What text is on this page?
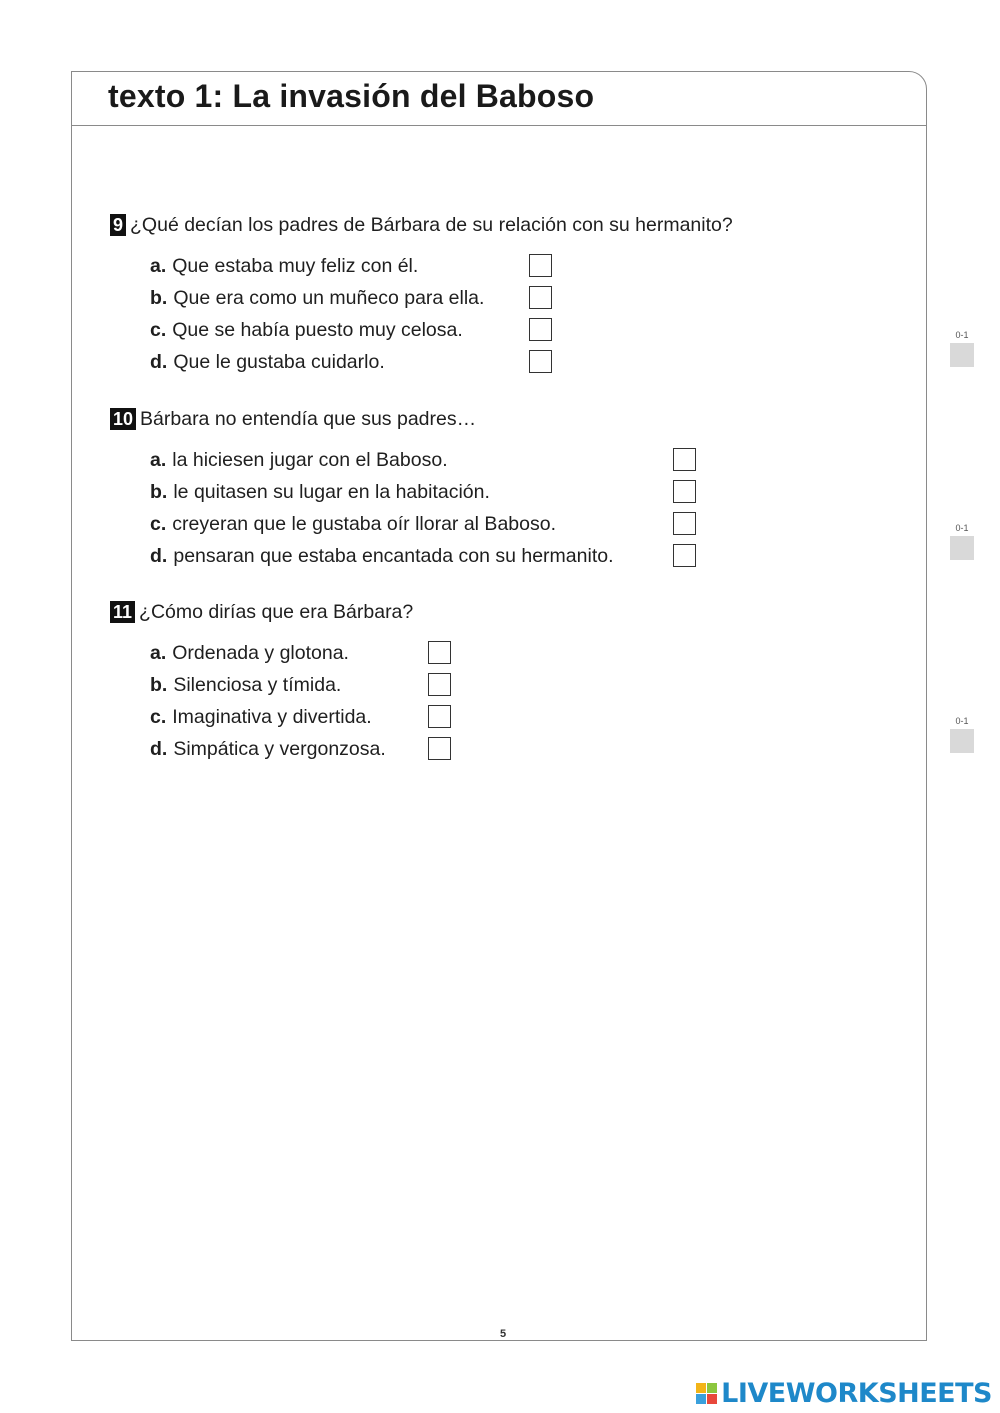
texto 1: La invasión del Baboso
9 ¿Qué decían los padres de Bárbara de su relación con su hermanito?
a. Que estaba muy feliz con él.
b. Que era como un muñeco para ella.
c. Que se había puesto muy celosa.
d. Que le gustaba cuidarlo.
10 Bárbara no entendía que sus padres…
a. la hiciesen jugar con el Baboso.
b. le quitasen su lugar en la habitación.
c. creyeran que le gustaba oír llorar al Baboso.
d. pensaran que estaba encantada con su hermanito.
11 ¿Cómo dirías que era Bárbara?
a. Ordenada y glotona.
b. Silenciosa y tímida.
c. Imaginativa y divertida.
d. Simpática y vergonzosa.
0-1
0-1
0-1
5
LIVEWORKSHEETS
